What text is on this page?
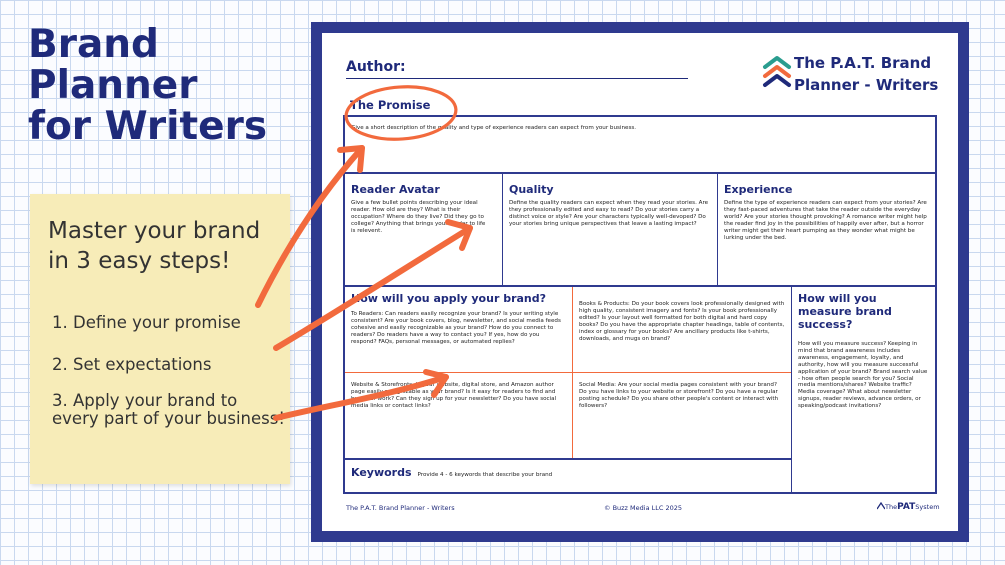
Brand
Planner
for Writers
Master your brand in 3 easy steps!
1. Define your promise
2. Set expectations
3. Apply your brand to every part of your business!
Author:	The P.A.T. Brand Planner - Writers
The Promise
Give a short description of the quality and type of experience readers can expect from your business.
Reader Avatar
Give a few bullet points describing your ideal reader. How old are they? What is their occupation? Where do they live? Did they go to college? Anything that brings your reader to life is relevent.
Quality
Define the quality readers can expect when they read your stories. Are they professionally edited and easy to read? Do your stories carry a distinct voice or style? Are your characters typically well-devoped? Do your stories bring unique perspectives that leave a lasting impact?
Experience
Define the type of experience readers can expect from your stories? Are they fast-paced adventures that take the reader outside the everyday world? Are your stories thought provoking? A romance writer might help the reader find joy in the possibilities of happily ever after, but a horror writer might get their heart pumping as they wonder what might be lurking under the bed.
How will you apply your brand?
To Readers: Can readers easily recognize your brand? Is your writing style consistent? Are your book covers, blog, newsletter, and social media feeds cohesive and easily recognizable as your brand? How do you connect to readers? Do readers have a way to contact you? If yes, how do you respond? FAQs, personal messages, or automated replies?
Books & Products: Do your book covers look professionally designed with high quality, consistent imagery and fonts? Is your book professionally edited? Is your layout well formatted for both digital and hard copy books? Do you have the appropriate chapter headings, table of contents, index or glossary for your books? Are ancillary products like t-shirts, downloads, and mugs on brand?
Website & Storefronts: Is your website, digital store, and Amazon author page easily recognizable as your brand? Is it easy for readers to find and buy your work? Can they sign up for your newsletter? Do you have social media links or contact links?
Social Media: Are your social media pages consistent with your brand? Do you have links to your website or storefront? Do you have a regular posting schedule? Do you share other people's content or interact with followers?
How will you measure brand success?
How will you measure success? Keeping in mind that brand awareness includes awareness, engagement, loyalty, and authority, how will you measure successful application of your brand? Brand search value - how often people search for you? Social media mentions/shares? Website traffic? Media coverage? What about newsletter signups, reader reviews, advance orders, or speaking/podcast invitations?
Keywords Provide 4 - 6 keywords that describe your brand
The P.A.T. Brand Planner - Writers	© Buzz Media LLC 2025	ThePATSystem
